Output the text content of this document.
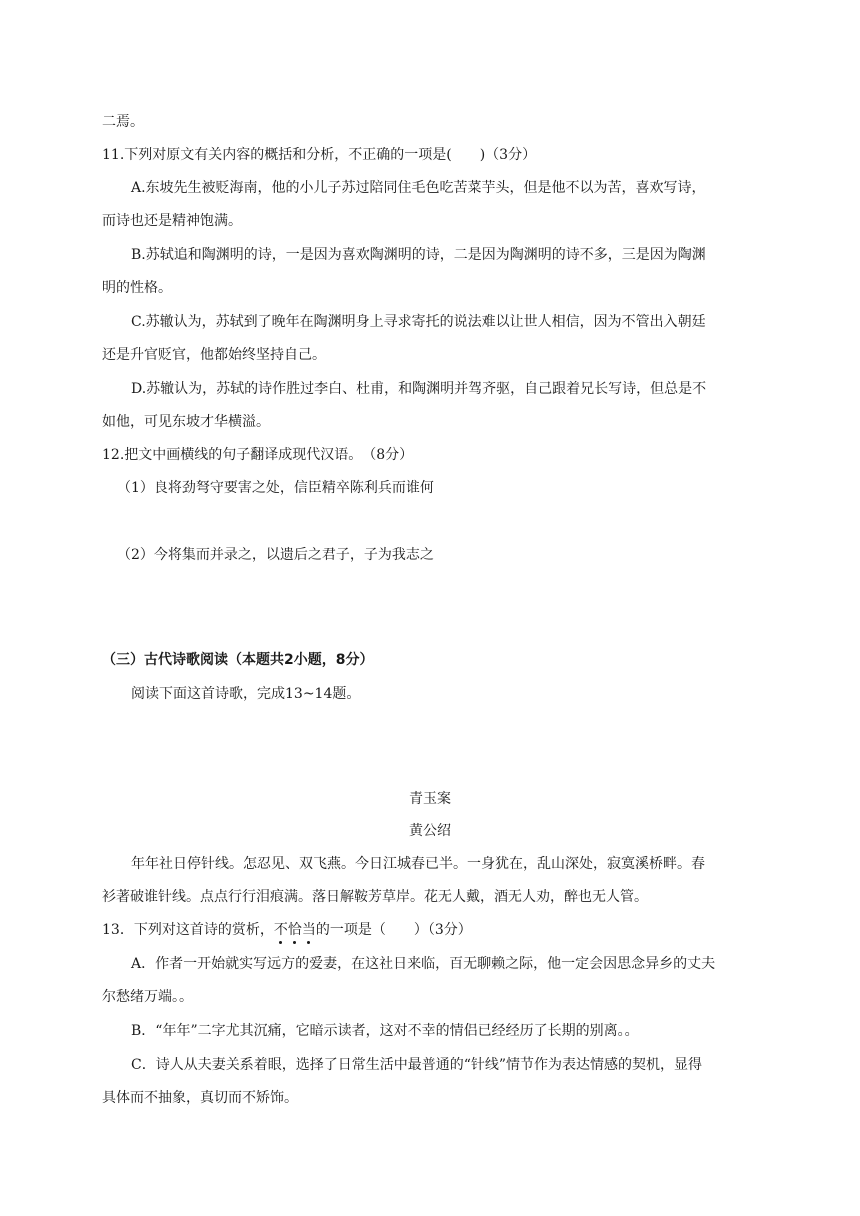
二焉。
11.下列对原文有关内容的概括和分析，不正确的一项是(　　)（3分）
A.东坡先生被贬海南，他的小儿子苏过陪同住毛色吃苦菜芋头，但是他不以为苦，喜欢写诗，
而诗也还是精神饱满。
B.苏轼追和陶渊明的诗，一是因为喜欢陶渊明的诗，二是因为陶渊明的诗不多，三是因为陶渊
明的性格。
C.苏辙认为，苏轼到了晚年在陶渊明身上寻求寄托的说法难以让世人相信，因为不管出入朝廷
还是升官贬官，他都始终坚持自己。
D.苏辙认为，苏轼的诗作胜过李白、杜甫，和陶渊明并驾齐驱，自己跟着兄长写诗，但总是不
如他，可见东坡才华横溢。
12.把文中画横线的句子翻译成现代汉语。　（8分）
（1）良将劲弩守要害之处，信臣精卒陈利兵而谁何
（2）今将集而并录之，以遗后之君子，子为我志之
（三）古代诗歌阅读（本题共2小题，8分）
阅读下面这首诗歌，完成13~14题。
青玉案
黄公绍
年年社日停针线。怎忍见、双飞燕。今日江城春已半。一身犹在，乱山深处，寂寞溪桥畔。春
衫著破谁针线。点点行行泪痕满。落日解鞍芳草岸。花无人戴，酒无人劝，醉也无人管。
13．下列对这首诗的赏析，不恰当的一项是（　　）（3分）
A．作者一开始就实写远方的爱妻，在这社日来临，百无聊赖之际，他一定会因思念异乡的丈夫
尔愁绪万端。。
B．“年年”二字尤其沉痛，它暗示读者，这对不幸的情侣已经经历了长期的别离。。
C．诗人从夫妻关系着眼，选择了日常生活中最普通的“针线”情节作为表达情感的契机，显得
具体而不抽象，真切而不矫饰。
